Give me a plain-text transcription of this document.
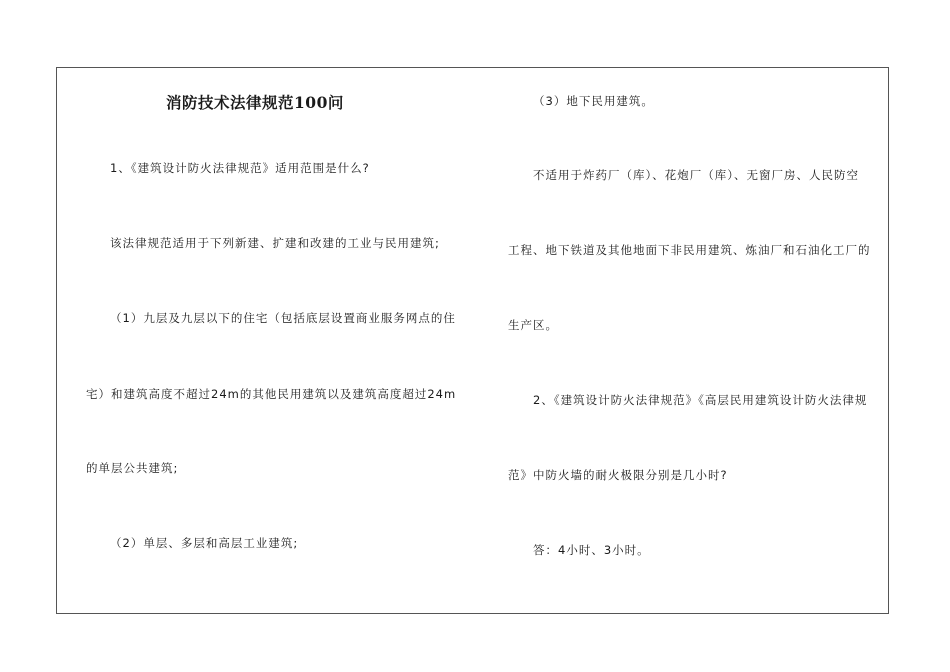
消防技术法律规范100问
1、《建筑设计防火法律规范》适用范围是什么?
该法律规范适用于下列新建、扩建和改建的工业与民用建筑;
（1）九层及九层以下的住宅（包括底层设置商业服务网点的住
宅）和建筑高度不超过24m的其他民用建筑以及建筑高度超过24m
的单层公共建筑;
（2）单层、多层和高层工业建筑;
（3）地下民用建筑。
不适用于炸药厂（库）、花炮厂（库）、无窗厂房、人民防空
工程、地下铁道及其他地面下非民用建筑、炼油厂和石油化工厂的
生产区。
2、《建筑设计防火法律规范》《高层民用建筑设计防火法律规
范》中防火墙的耐火极限分别是几小时?
答：4小时、3小时。
